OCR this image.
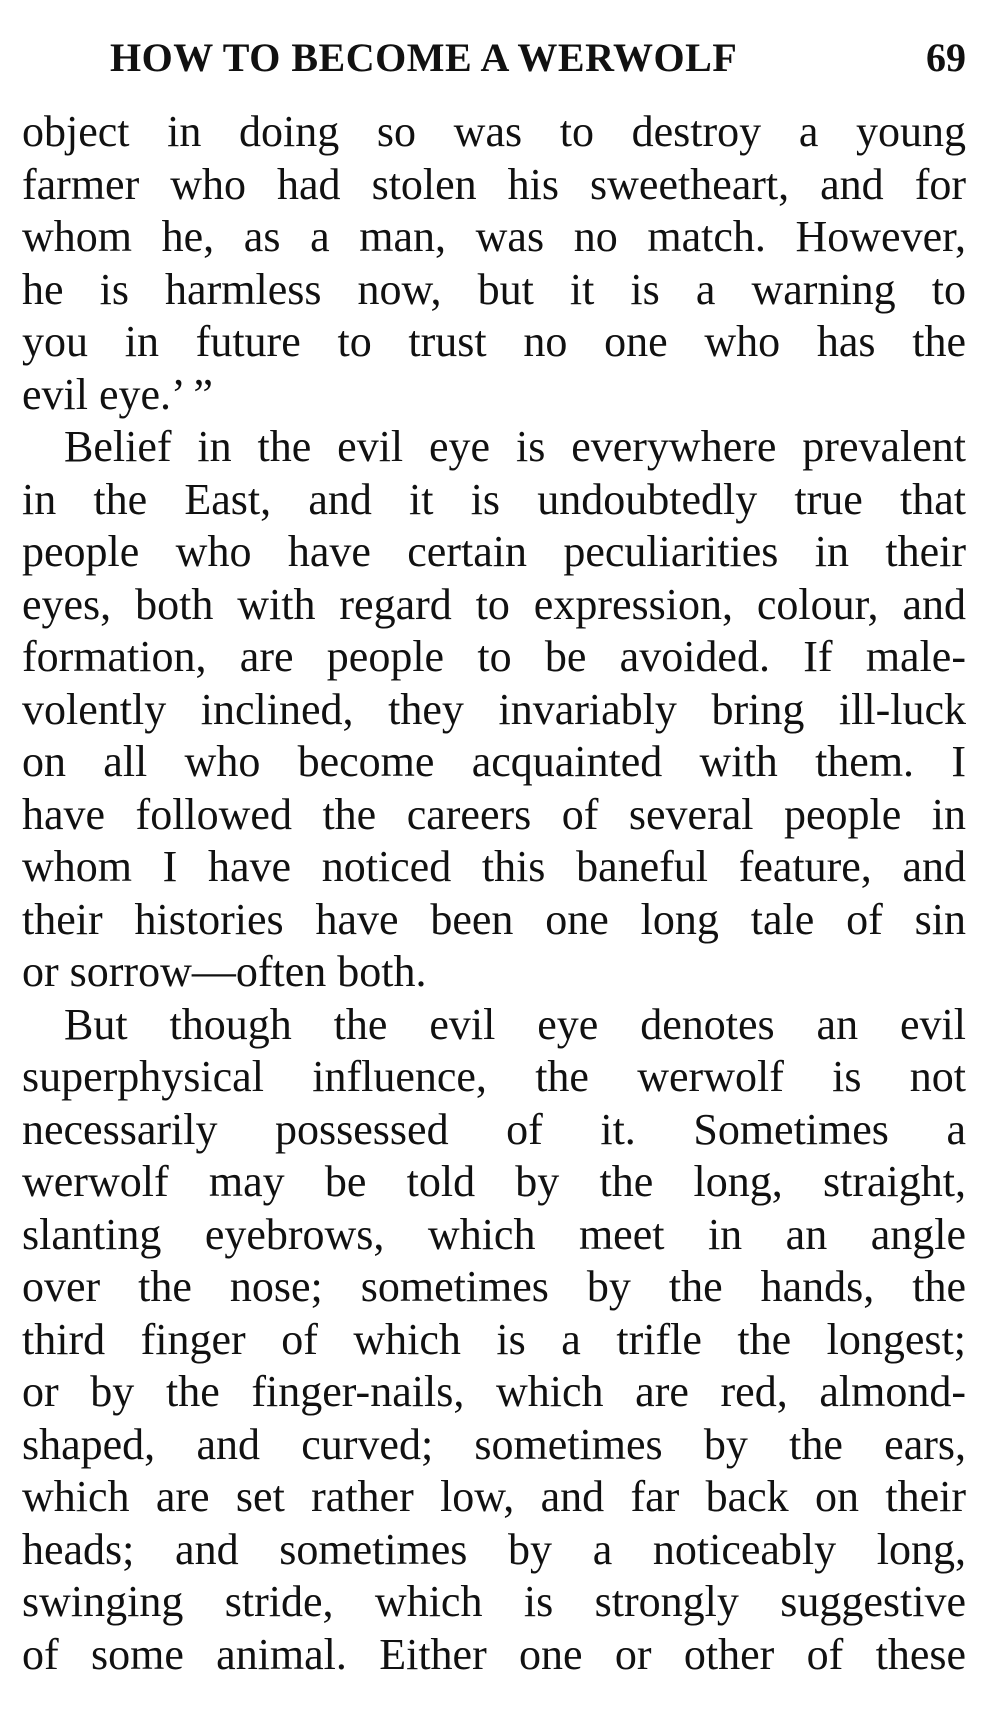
HOW TO BECOME A WERWOLF	69
object in doing so was to destroy a young
farmer who had stolen his sweetheart, and for
whom he, as a man, was no match. However,
he is harmless now, but it is a warning to
you in future to trust no one who has the
evil eye.’ ”
Belief in the evil eye is everywhere prevalent
in the East, and it is undoubtedly true that
people who have certain peculiarities in their
eyes, both with regard to expression, colour, and
formation, are people to be avoided. If male-
volently inclined, they invariably bring ill-luck
on all who become acquainted with them. I
have followed the careers of several people in
whom I have noticed this baneful feature, and
their histories have been one long tale of sin
or sorrow—often both.
But though the evil eye denotes an evil
superphysical influence, the werwolf is not
necessarily possessed of it. Sometimes a
werwolf may be told by the long, straight,
slanting eyebrows, which meet in an angle
over the nose; sometimes by the hands, the
third finger of which is a trifle the longest;
or by the finger-nails, which are red, almond-
shaped, and curved; sometimes by the ears,
which are set rather low, and far back on their
heads; and sometimes by a noticeably long,
swinging stride, which is strongly suggestive
of some animal. Either one or other of these
